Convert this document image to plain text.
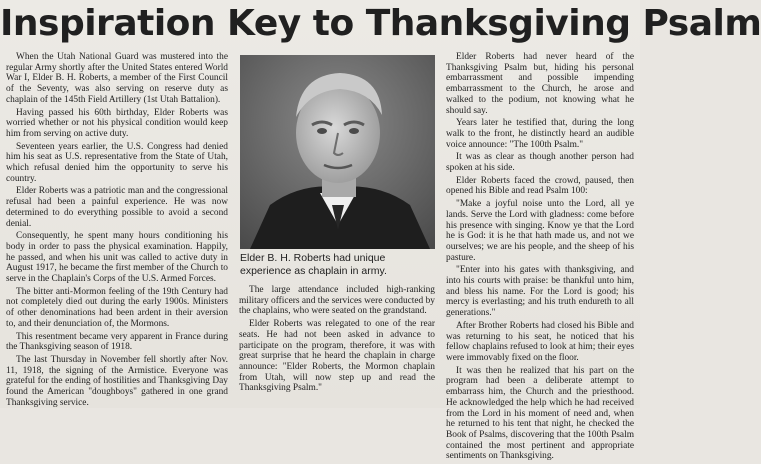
Inspiration Key to Thanksgiving Psalm

When the Utah National Guard was mustered into the regular Army shortly after the United States entered World War I, Elder B. H. Roberts, a member of the First Council of the Seventy, was also serving on reserve duty as chaplain of the 145th Field Artillery (1st Utah Battalion).

Having passed his 60th birthday, Elder Roberts was worried whether or not his physical condition would keep him from serving on active duty.

Seventeen years earlier, the U.S. Congress had denied him his seat as U.S. representative from the State of Utah, which refusal denied him the opportunity to serve his country.

Elder Roberts was a patriotic man and the congressional refusal had been a painful experience. He was now determined to do everything possible to avoid a second denial.

Consequently, he spent many hours conditioning his body in order to pass the physical examination. Happily, he passed, and when his unit was called to active duty in August 1917, he became the first member of the Church to serve in the Chaplain's Corps of the U.S. Armed Forces.

The bitter anti-Mormon feeling of the 19th Century had not completely died out during the early 1900s. Ministers of other denominations had been ardent in their aversion to, and their denunciation of, the Mormons.

This resentment became very apparent in France during the Thanksgiving season of 1918.

The last Thursday in November fell shortly after Nov. 11, 1918, the signing of the Armistice. Everyone was grateful for the ending of hostilities and Thanksgiving Day found the American "doughboys" gathered in one grand Thanksgiving service.

Elder B. H. Roberts had unique
experience as chaplain in army.

The large attendance included high-ranking military officers and the services were conducted by the chaplains, who were seated on the grandstand.

Elder Roberts was relegated to one of the rear seats. He had not been asked in advance to participate on the program, therefore, it was with great surprise that he heard the chaplain in charge announce: "Elder Roberts, the Mormon chaplain from Utah, will now step up and read the Thanksgiving Psalm."

Elder Roberts had never heard of the Thanksgiving Psalm but, hiding his personal embarrassment and possible impending embarrassment to the Church, he arose and walked to the podium, not knowing what he should say.

Years later he testified that, during the long walk to the front, he distinctly heard an audible voice announce: "The 100th Psalm."

It was as clear as though another person had spoken at his side.

Elder Roberts faced the crowd, paused, then opened his Bible and read Psalm 100:

"Make a joyful noise unto the Lord, all ye lands. Serve the Lord with gladness: come before his presence with singing. Know ye that the Lord he is God: it is he that hath made us, and not we ourselves; we are his people, and the sheep of his pasture.

"Enter into his gates with thanksgiving, and into his courts with praise: be thankful unto him, and bless his name. For the Lord is good; his mercy is everlasting; and his truth endureth to all generations."

After Brother Roberts had closed his Bible and was returning to his seat, he noticed that his fellow chaplains refused to look at him; their eyes were immovably fixed on the floor.

It was then he realized that his part on the program had been a deliberate attempt to embarrass him, the Church and the priesthood. He acknowledged the help which he had received from the Lord in his moment of need and, when he returned to his tent that night, he checked the Book of Psalms, discovering that the 100th Psalm contained the most pertinent and appropriate sentiments on Thanksgiving.
